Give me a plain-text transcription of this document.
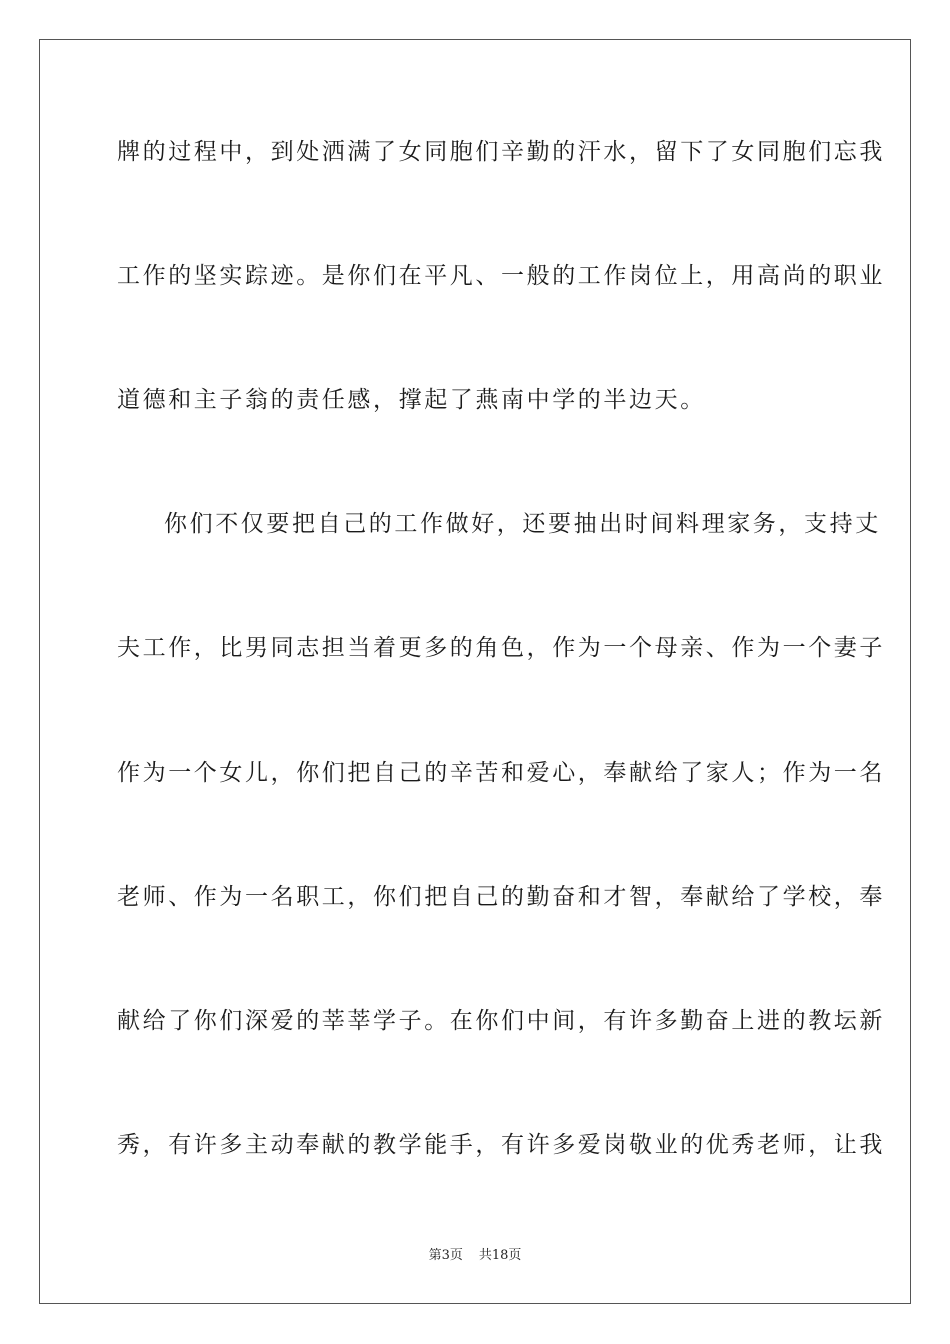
牌的过程中，到处洒满了女同胞们辛勤的汗水，留下了女同胞们忘我
工作的坚实踪迹。是你们在平凡、一般的工作岗位上，用高尚的职业
道德和主子翁的责任感，撑起了燕南中学的半边天。
你们不仅要把自己的工作做好，还要抽出时间料理家务，支持丈
夫工作，比男同志担当着更多的角色，作为一个母亲、作为一个妻子
作为一个女儿，你们把自己的辛苦和爱心，奉献给了家人；作为一名
老师、作为一名职工，你们把自己的勤奋和才智，奉献给了学校，奉
献给了你们深爱的莘莘学子。在你们中间，有许多勤奋上进的教坛新
秀，有许多主动奉献的教学能手，有许多爱岗敬业的优秀老师，让我
第3页 共18页
